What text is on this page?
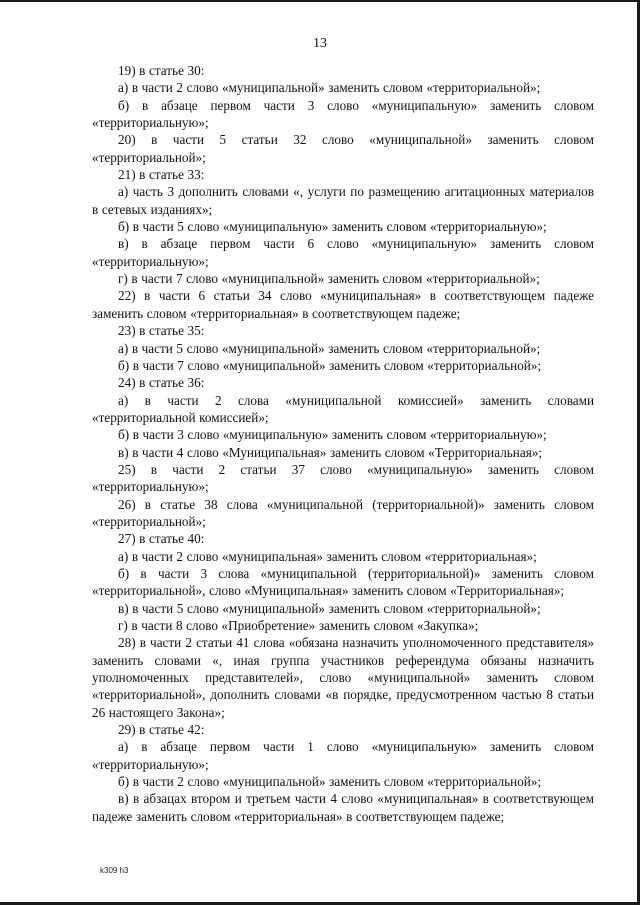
13

19) в статье 30:

а) в части 2 слово «муниципальной» заменить словом «территориальной»;

б) в абзаце первом части 3 слово «муниципальную» заменить словом «территориальную»;

20) в части 5 статьи 32 слово «муниципальной» заменить словом «территориальной»;

21) в статье 33:

а) часть 3 дополнить словами «, услуги по размещению агитационных материалов в сетевых изданиях»;

б) в части 5 слово «муниципальную» заменить словом «территориальную»;

в) в абзаце первом части 6 слово «муниципальную» заменить словом «территориальную»;

г) в части 7 слово «муниципальной» заменить словом «территориальной»;

22) в части 6 статьи 34 слово «муниципальная» в соответствующем падеже заменить словом «территориальная» в соответствующем падеже;

23) в статье 35:

а) в части 5 слово «муниципальной» заменить словом «территориальной»;

б) в части 7 слово «муниципальной» заменить словом «территориальной»;

24) в статье 36:

а) в части 2 слова «муниципальной комиссией» заменить словами «территориальной комиссией»;

б) в части 3 слово «муниципальную» заменить словом «территориальную»;

в) в части 4 слово «Муниципальная» заменить словом «Территориальная»;

25) в части 2 статьи 37 слово «муниципальную» заменить словом «территориальную»;

26) в статье 38 слова «муниципальной (территориальной)» заменить словом «территориальной»;

27) в статье 40:

а) в части 2 слово «муниципальная» заменить словом «территориальная»;

б) в части 3 слова «муниципальной (территориальной)» заменить словом «территориальной», слово «Муниципальная» заменить словом «Территориальная»;

в) в части 5 слово «муниципальной» заменить словом «территориальной»;

г) в части 8 слово «Приобретение» заменить словом «Закупка»;

28) в части 2 статьи 41 слова «обязана назначить уполномоченного представителя» заменить словами «, иная группа участников референдума обязаны назначить уполномоченных представителей», слово «муниципальной» заменить словом «территориальной», дополнить словами «в порядке, предусмотренном частью 8 статьи 26 настоящего Закона»;

29) в статье 42:

а) в абзаце первом части 1 слово «муниципальную» заменить словом «территориальную»;

б) в части 2 слово «муниципальной» заменить словом «территориальной»;

в) в абзацах втором и третьем части 4 слово «муниципальная» в соответствующем падеже заменить словом «территориальная» в соответствующем падеже;

k309 h3
